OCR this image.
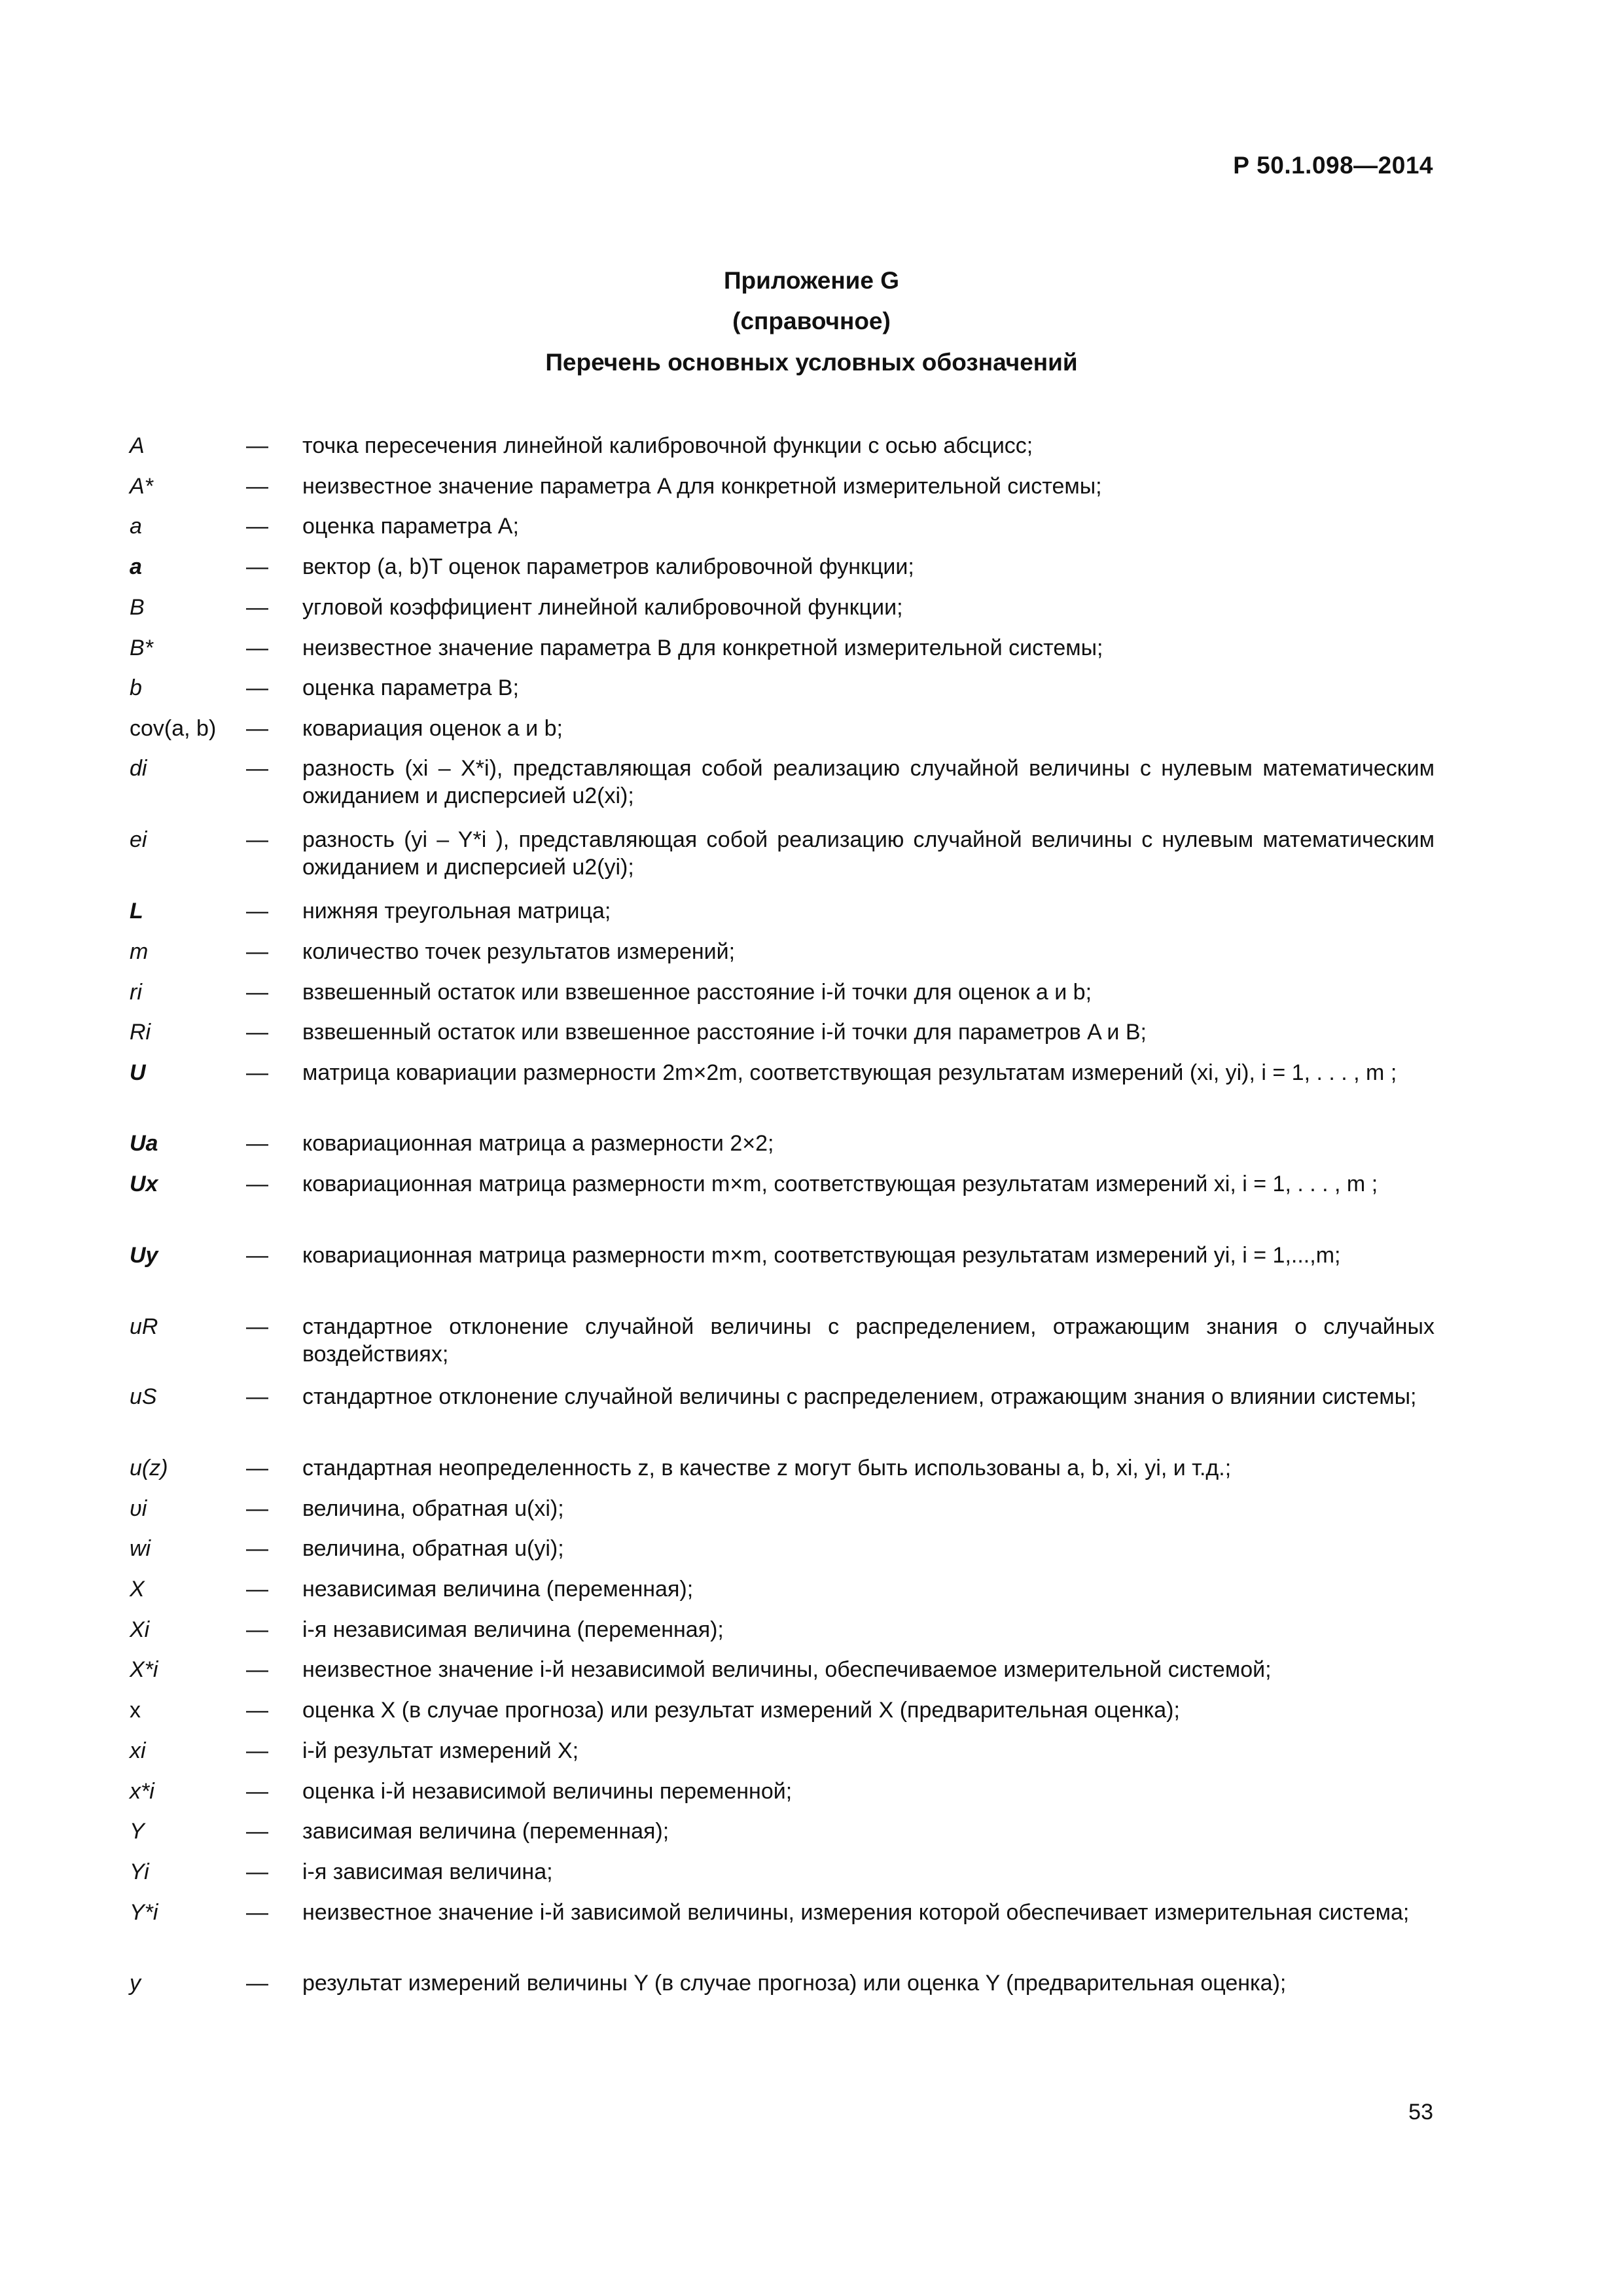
Р 50.1.098—2014
Приложение G
(справочное)
Перечень основных условных обозначений
A	—	точка пересечения линейной калибровочной функции с осью абсцисс;
A*	—	неизвестное значение параметра A для конкретной измерительной системы;
a	—	оценка параметра A;
a	—	вектор (a, b)T оценок параметров калибровочной функции;
B	—	угловой коэффициент линейной калибровочной функции;
B*	—	неизвестное значение параметра B для конкретной измерительной системы;
b	—	оценка параметра B;
cov(a, b)	—	ковариация оценок a и b;
di	—	разность (xi – X*i), представляющая собой реализацию случайной величины с нулевым математическим ожиданием и дисперсией u2(xi);
ei	—	разность (yi – Y*i ), представляющая собой реализацию случайной величины с нулевым математическим ожиданием и дисперсией u2(yi);
L	—	нижняя треугольная матрица;
m	—	количество точек результатов измерений;
ri	—	взвешенный остаток или взвешенное расстояние i-й точки для оценок a и b;
Ri	—	взвешенный остаток или взвешенное расстояние i-й точки для параметров A и B;
U	—	матрица ковариации размерности 2m×2m, соответствующая результатам измерений (xi, yi), i = 1, . . . , m ;
Ua	—	ковариационная матрица a размерности 2×2;
Ux	—	ковариационная матрица размерности m×m, соответствующая результатам измерений xi, i = 1, . . . , m ;
Uy	—	ковариационная матрица размерности m×m, соответствующая результатам измерений yi, i = 1,...,m;
uR	—	стандартное отклонение случайной величины с распределением, отражающим знания о случайных воздействиях;
uS	—	стандартное отклонение случайной величины с распределением, отражающим знания о влиянии системы;
u(z)	—	стандартная неопределенность z, в качестве z могут быть использованы a, b, xi, yi, и т.д.;
υi	—	величина, обратная u(xi);
wi	—	величина, обратная u(yi);
X	—	независимая величина (переменная);
Xi	—	i-я независимая величина (переменная);
X*i	—	неизвестное значение i-й независимой величины, обеспечиваемое измерительной системой;
x	—	оценка X (в случае прогноза) или результат измерений X (предварительная оценка);
xi	—	i-й результат измерений X;
x*i	—	оценка i-й независимой величины переменной;
Y	—	зависимая величина (переменная);
Yi	—	i-я зависимая величина;
Y*i	—	неизвестное значение i-й зависимой величины, измерения которой обеспечивает измерительная система;
y	—	результат измерений величины Y (в случае прогноза) или оценка Y (предварительная оценка);
53
